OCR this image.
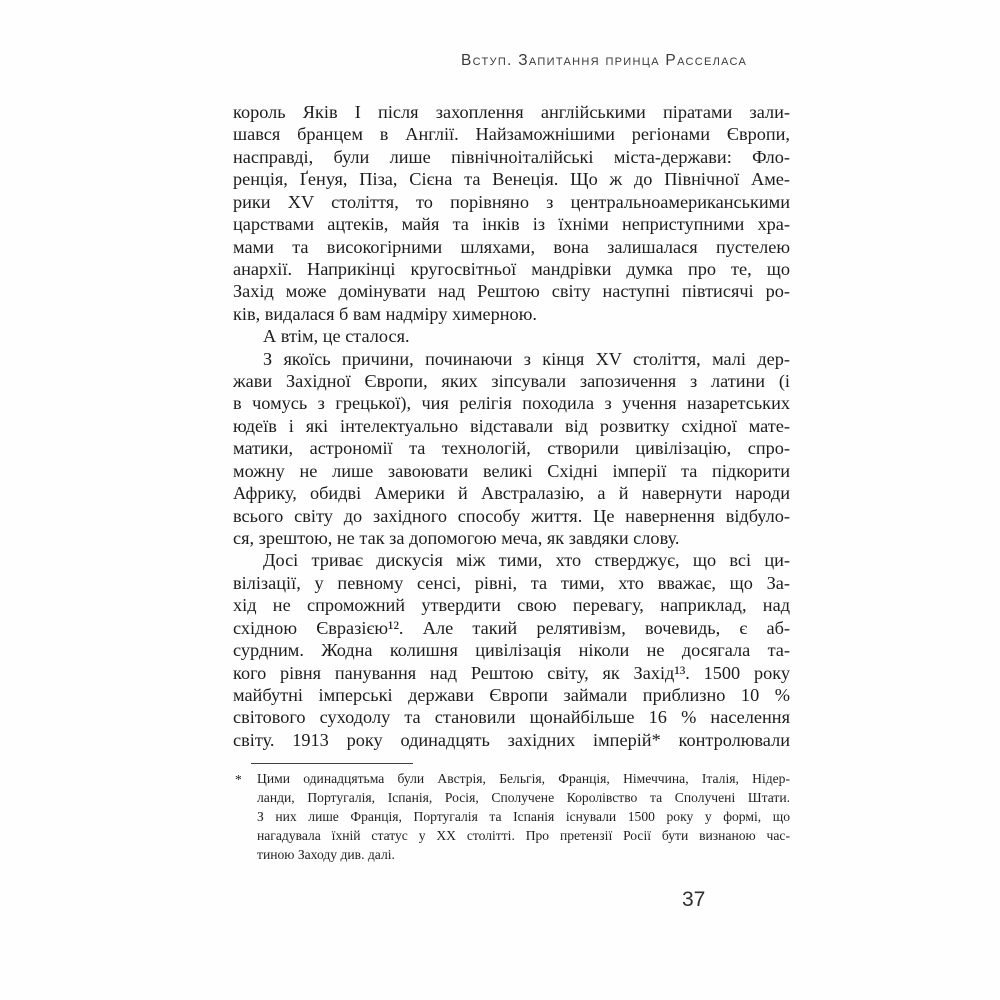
Вступ. Запитання принца Расселаса
король Яків I після захоплення англійськими піратами зали-
шався бранцем в Англії. Найзаможнішими регіонами Європи,
насправді, були лише північноіталійські міста-держави: Фло-
ренція, Ґенуя, Піза, Сієна та Венеція. Що ж до Північної Аме-
рики XV століття, то порівняно з центральноамериканськими
царствами ацтеків, майя та інків із їхніми неприступними хра-
мами та високогірними шляхами, вона залишалася пустелею
анархії. Наприкінці кругосвітньої мандрівки думка про те, що
Захід може домінувати над Рештою світу наступні півтисячі ро-
ків, видалася б вам надміру химерною.
А втім, це сталося.
З якоїсь причини, починаючи з кінця XV століття, малі дер-
жави Західної Європи, яких зіпсували запозичення з латини (і
в чомусь з грецької), чия релігія походила з учення назаретських
юдеїв і які інтелектуально відставали від розвитку східної мате-
матики, астрономії та технологій, створили цивілізацію, спро-
можну не лише завоювати великі Східні імперії та підкорити
Африку, обидві Америки й Австралазію, а й навернути народи
всього світу до західного способу життя. Це навернення відбуло-
ся, зрештою, не так за допомогою меча, як завдяки слову.
Досі триває дискусія між тими, хто стверджує, що всі ци-
вілізації, у певному сенсі, рівні, та тими, хто вважає, що За-
хід не спроможний утвердити свою перевагу, наприклад, над
східною Євразією¹². Але такий релятивізм, вочевидь, є аб-
сурдним. Жодна колишня цивілізація ніколи не досягала та-
кого рівня панування над Рештою світу, як Захід¹³. 1500 року
майбутні імперські держави Європи займали приблизно 10 %
світового суходолу та становили щонайбільше 16 % населення
світу. 1913 року одинадцять західних імперій* контролювали
* Цими одинадцятьма були Австрія, Бельгія, Франція, Німеччина, Італія, Нідер-
ланди, Португалія, Іспанія, Росія, Сполучене Королівство та Сполучені Штати.
З них лише Франція, Португалія та Іспанія існували 1500 року у формі, що
нагадувала їхній статус у ХХ столітті. Про претензії Росії бути визнаною час-
тиною Заходу див. далі.
37
